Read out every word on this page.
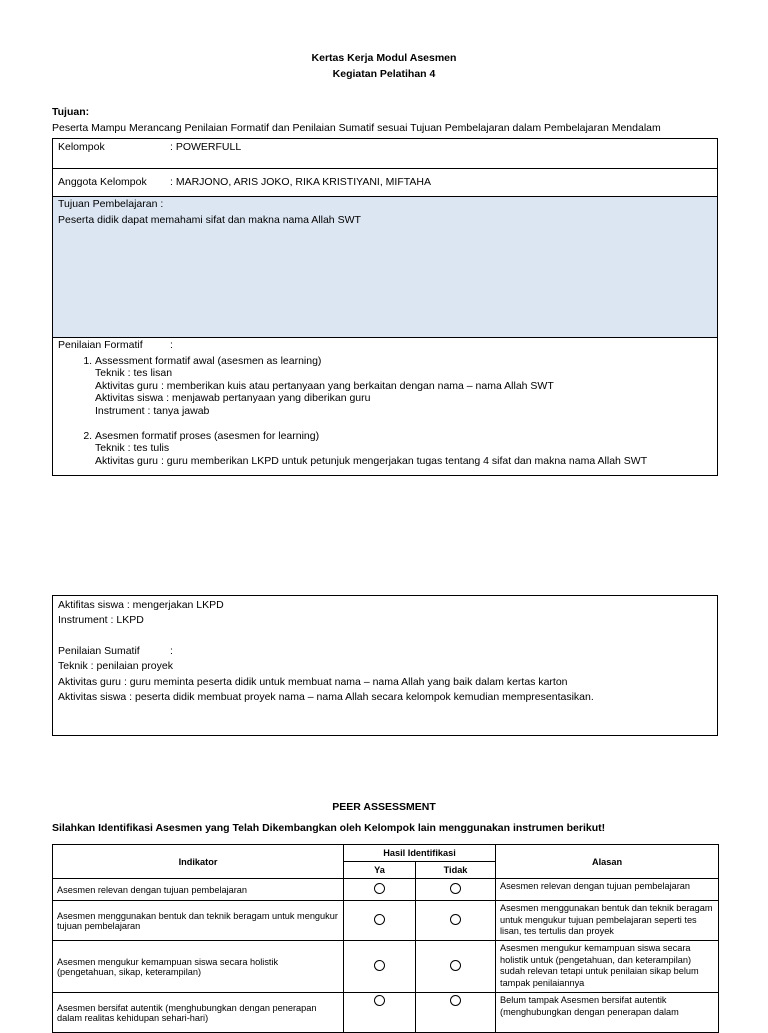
Kertas Kerja Modul Asesmen
Kegiatan Pelatihan 4
Tujuan:
Peserta Mampu Merancang Penilaian Formatif dan Penilaian Sumatif sesuai Tujuan Pembelajaran dalam Pembelajaran Mendalam
Kelompok	: POWERFULL
Anggota Kelompok : MARJONO, ARIS JOKO, RIKA KRISTIYANI, MIFTAHA
Tujuan Pembelajaran :
Peserta didik dapat memahami sifat dan makna nama Allah SWT
Penilaian Formatif	:
1. Assessment formatif awal (asesmen as learning)
Teknik : tes lisan
Aktivitas guru : memberikan kuis atau pertanyaan yang berkaitan dengan nama – nama Allah SWT
Aktivitas siswa : menjawab pertanyaan yang diberikan guru
Instrument : tanya jawab
2. Asesmen formatif proses (asesmen for learning)
Teknik : tes tulis
Aktivitas guru : guru memberikan LKPD untuk petunjuk mengerjakan tugas tentang 4 sifat dan makna nama Allah SWT
Aktifitas siswa : mengerjakan LKPD
Instrument : LKPD
Penilaian Sumatif	:
Teknik : penilaian proyek
Aktivitas guru : guru meminta peserta didik untuk membuat nama – nama Allah yang baik dalam kertas karton
Aktivitas siswa : peserta didik membuat proyek nama – nama Allah secara kelompok kemudian mempresentasikan.
PEER ASSESSMENT
Silahkan Identifikasi Asesmen yang Telah Dikembangkan oleh Kelompok lain menggunakan instrumen berikut!
Indikator	Hasil Identifikasi		Alasan
	Ya	Tidak	
Asesmen relevan dengan tujuan pembelajaran			Asesmen relevan dengan tujuan pembelajaran
Asesmen menggunakan bentuk dan teknik beragam untuk mengukur tujuan pembelajaran			Asesmen menggunakan bentuk dan teknik beragam untuk mengukur tujuan pembelajaran seperti tes lisan, tes tertulis dan proyek
Asesmen mengukur kemampuan siswa secara holistik (pengetahuan, sikap, keterampilan)			Asesmen mengukur kemampuan siswa secara holistik untuk (pengetahuan, dan keterampilan) sudah relevan tetapi untuk penilaian sikap belum tampak penilaiannya
Asesmen bersifat autentik (menghubungkan dengan penerapan dalam realitas kehidupan sehari-hari)			Belum tampak Asesmen bersifat autentik (menghubungkan dengan penerapan dalam
